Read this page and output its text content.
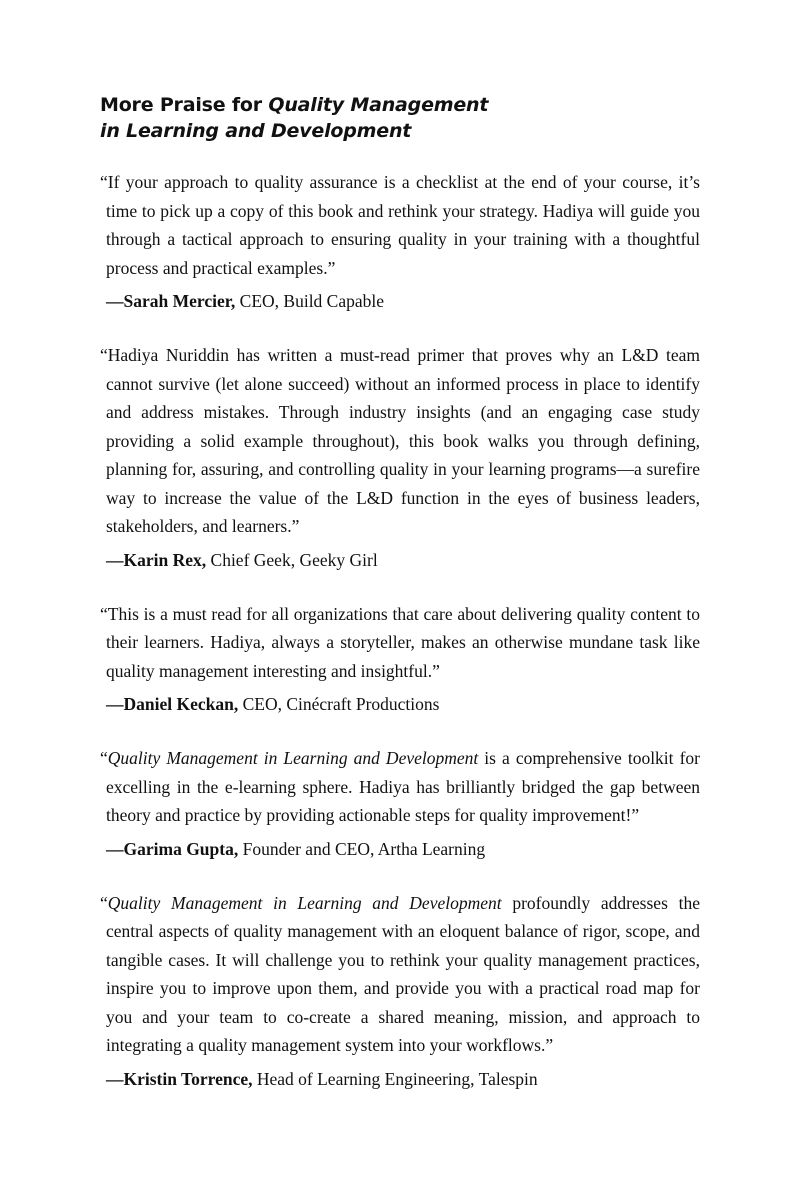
More Praise for Quality Management
in Learning and Development

“If your approach to quality assurance is a checklist at the end of your course, it’s time to pick up a copy of this book and rethink your strategy. Hadiya will guide you through a tactical approach to ensuring quality in your training with a thoughtful process and practical examples.”

—Sarah Mercier, CEO, Build Capable

“Hadiya Nuriddin has written a must-read primer that proves why an L&D team cannot survive (let alone succeed) without an informed process in place to identify and address mistakes. Through industry insights (and an engaging case study providing a solid example throughout), this book walks you through defining, planning for, assuring, and controlling quality in your learning programs—a surefire way to increase the value of the L&D function in the eyes of business leaders, stakeholders, and learners.”

—Karin Rex, Chief Geek, Geeky Girl

“This is a must read for all organizations that care about delivering quality content to their learners. Hadiya, always a storyteller, makes an otherwise mundane task like quality management interesting and insightful.”

—Daniel Keckan, CEO, Cinécraft Productions

“Quality Management in Learning and Development is a comprehensive toolkit for excelling in the e-learning sphere. Hadiya has brilliantly bridged the gap between theory and practice by providing actionable steps for quality improvement!”

—Garima Gupta, Founder and CEO, Artha Learning

“Quality Management in Learning and Development profoundly addresses the central aspects of quality management with an eloquent balance of rigor, scope, and tangible cases. It will challenge you to rethink your quality management practices, inspire you to improve upon them, and provide you with a practical road map for you and your team to co-create a shared meaning, mission, and approach to integrating a quality management system into your workflows.”

—Kristin Torrence, Head of Learning Engineering, Talespin
